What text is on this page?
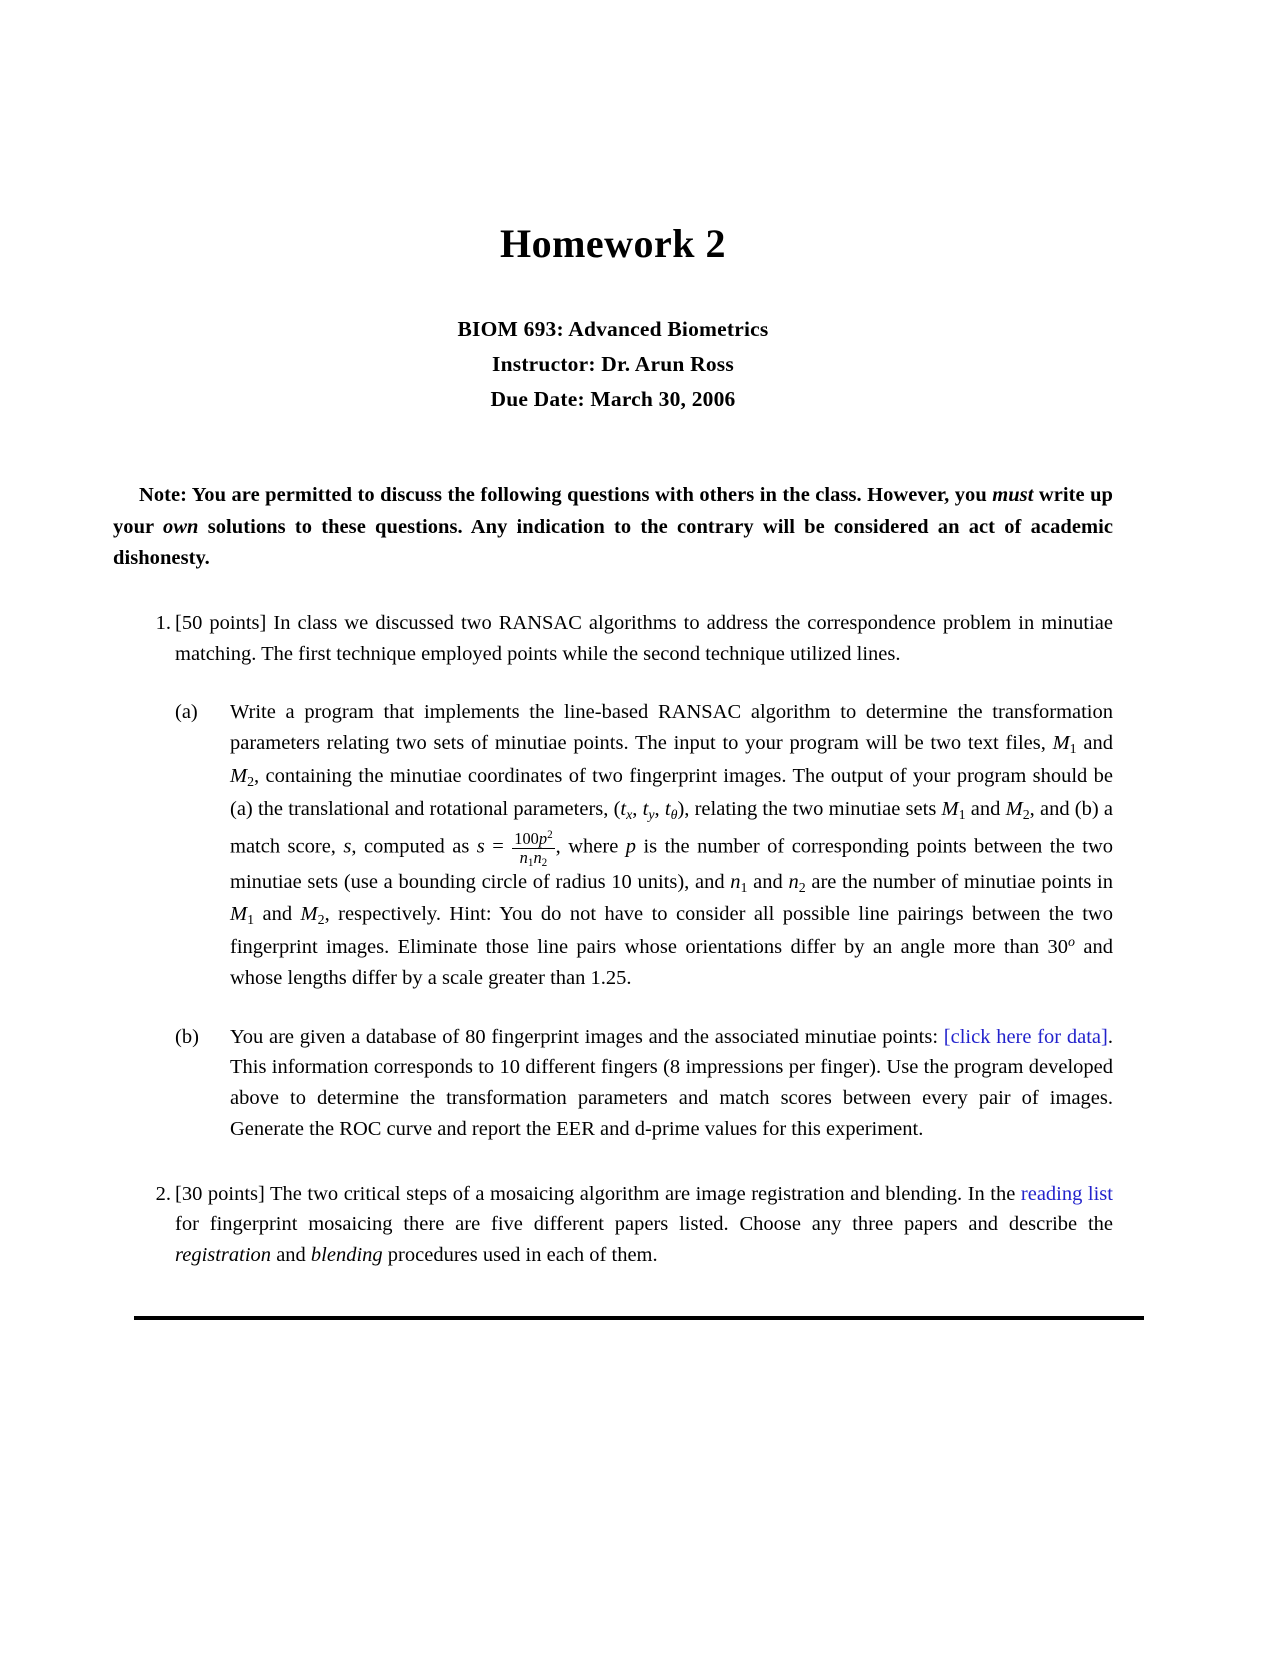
Homework 2
BIOM 693: Advanced Biometrics
Instructor: Dr. Arun Ross
Due Date: March 30, 2006

Note: You are permitted to discuss the following questions with others in the class. However, you must write up your own solutions to these questions. Any indication to the contrary will be considered an act of academic dishonesty.

1. [50 points] In class we discussed two RANSAC algorithms to address the correspondence problem in minutiae matching. The first technique employed points while the second technique utilized lines.
(a)	Write a program that implements the line-based RANSAC algorithm to determine the transformation parameters relating two sets of minutiae points. The input to your program will be two text files, $M_1$ and $M_2$, containing the minutiae coordinates of two fingerprint images. The output of your program should be (a) the translational and rotational parameters, ($t_x$, $t_y$, $t_\theta$), relating the two minutiae sets $M_1$ and $M_2$, and (b) a match score, s, computed as $s = \frac{100p^2}{n_1n_2}$ , where p is the number of corresponding points between the two minutiae sets (use a bounding circle of radius 10 units), and $n_1$ and $n_2$ are the number of minutiae points in $M_1$ and $M_2$, respectively. Hint: You do not have to consider all possible line pairings between the two fingerprint images. Eliminate those line pairs whose orientations differ by an angle more than 30$^o$ and whose lengths differ by a scale greater than 1.25.
(b)	You are given a database of 80 fingerprint images and the associated minutiae points: [click here for data]. This information corresponds to 10 different fingers (8 impressions per finger). Use the program developed above to determine the transformation parameters and match scores between every pair of images. Generate the ROC curve and report the EER and d-prime values for this experiment.
2. [30 points] The two critical steps of a mosaicing algorithm are image registration and blending. In the reading list for fingerprint mosaicing there are five different papers listed. Choose any three papers and describe the registration and blending procedures used in each of them.
